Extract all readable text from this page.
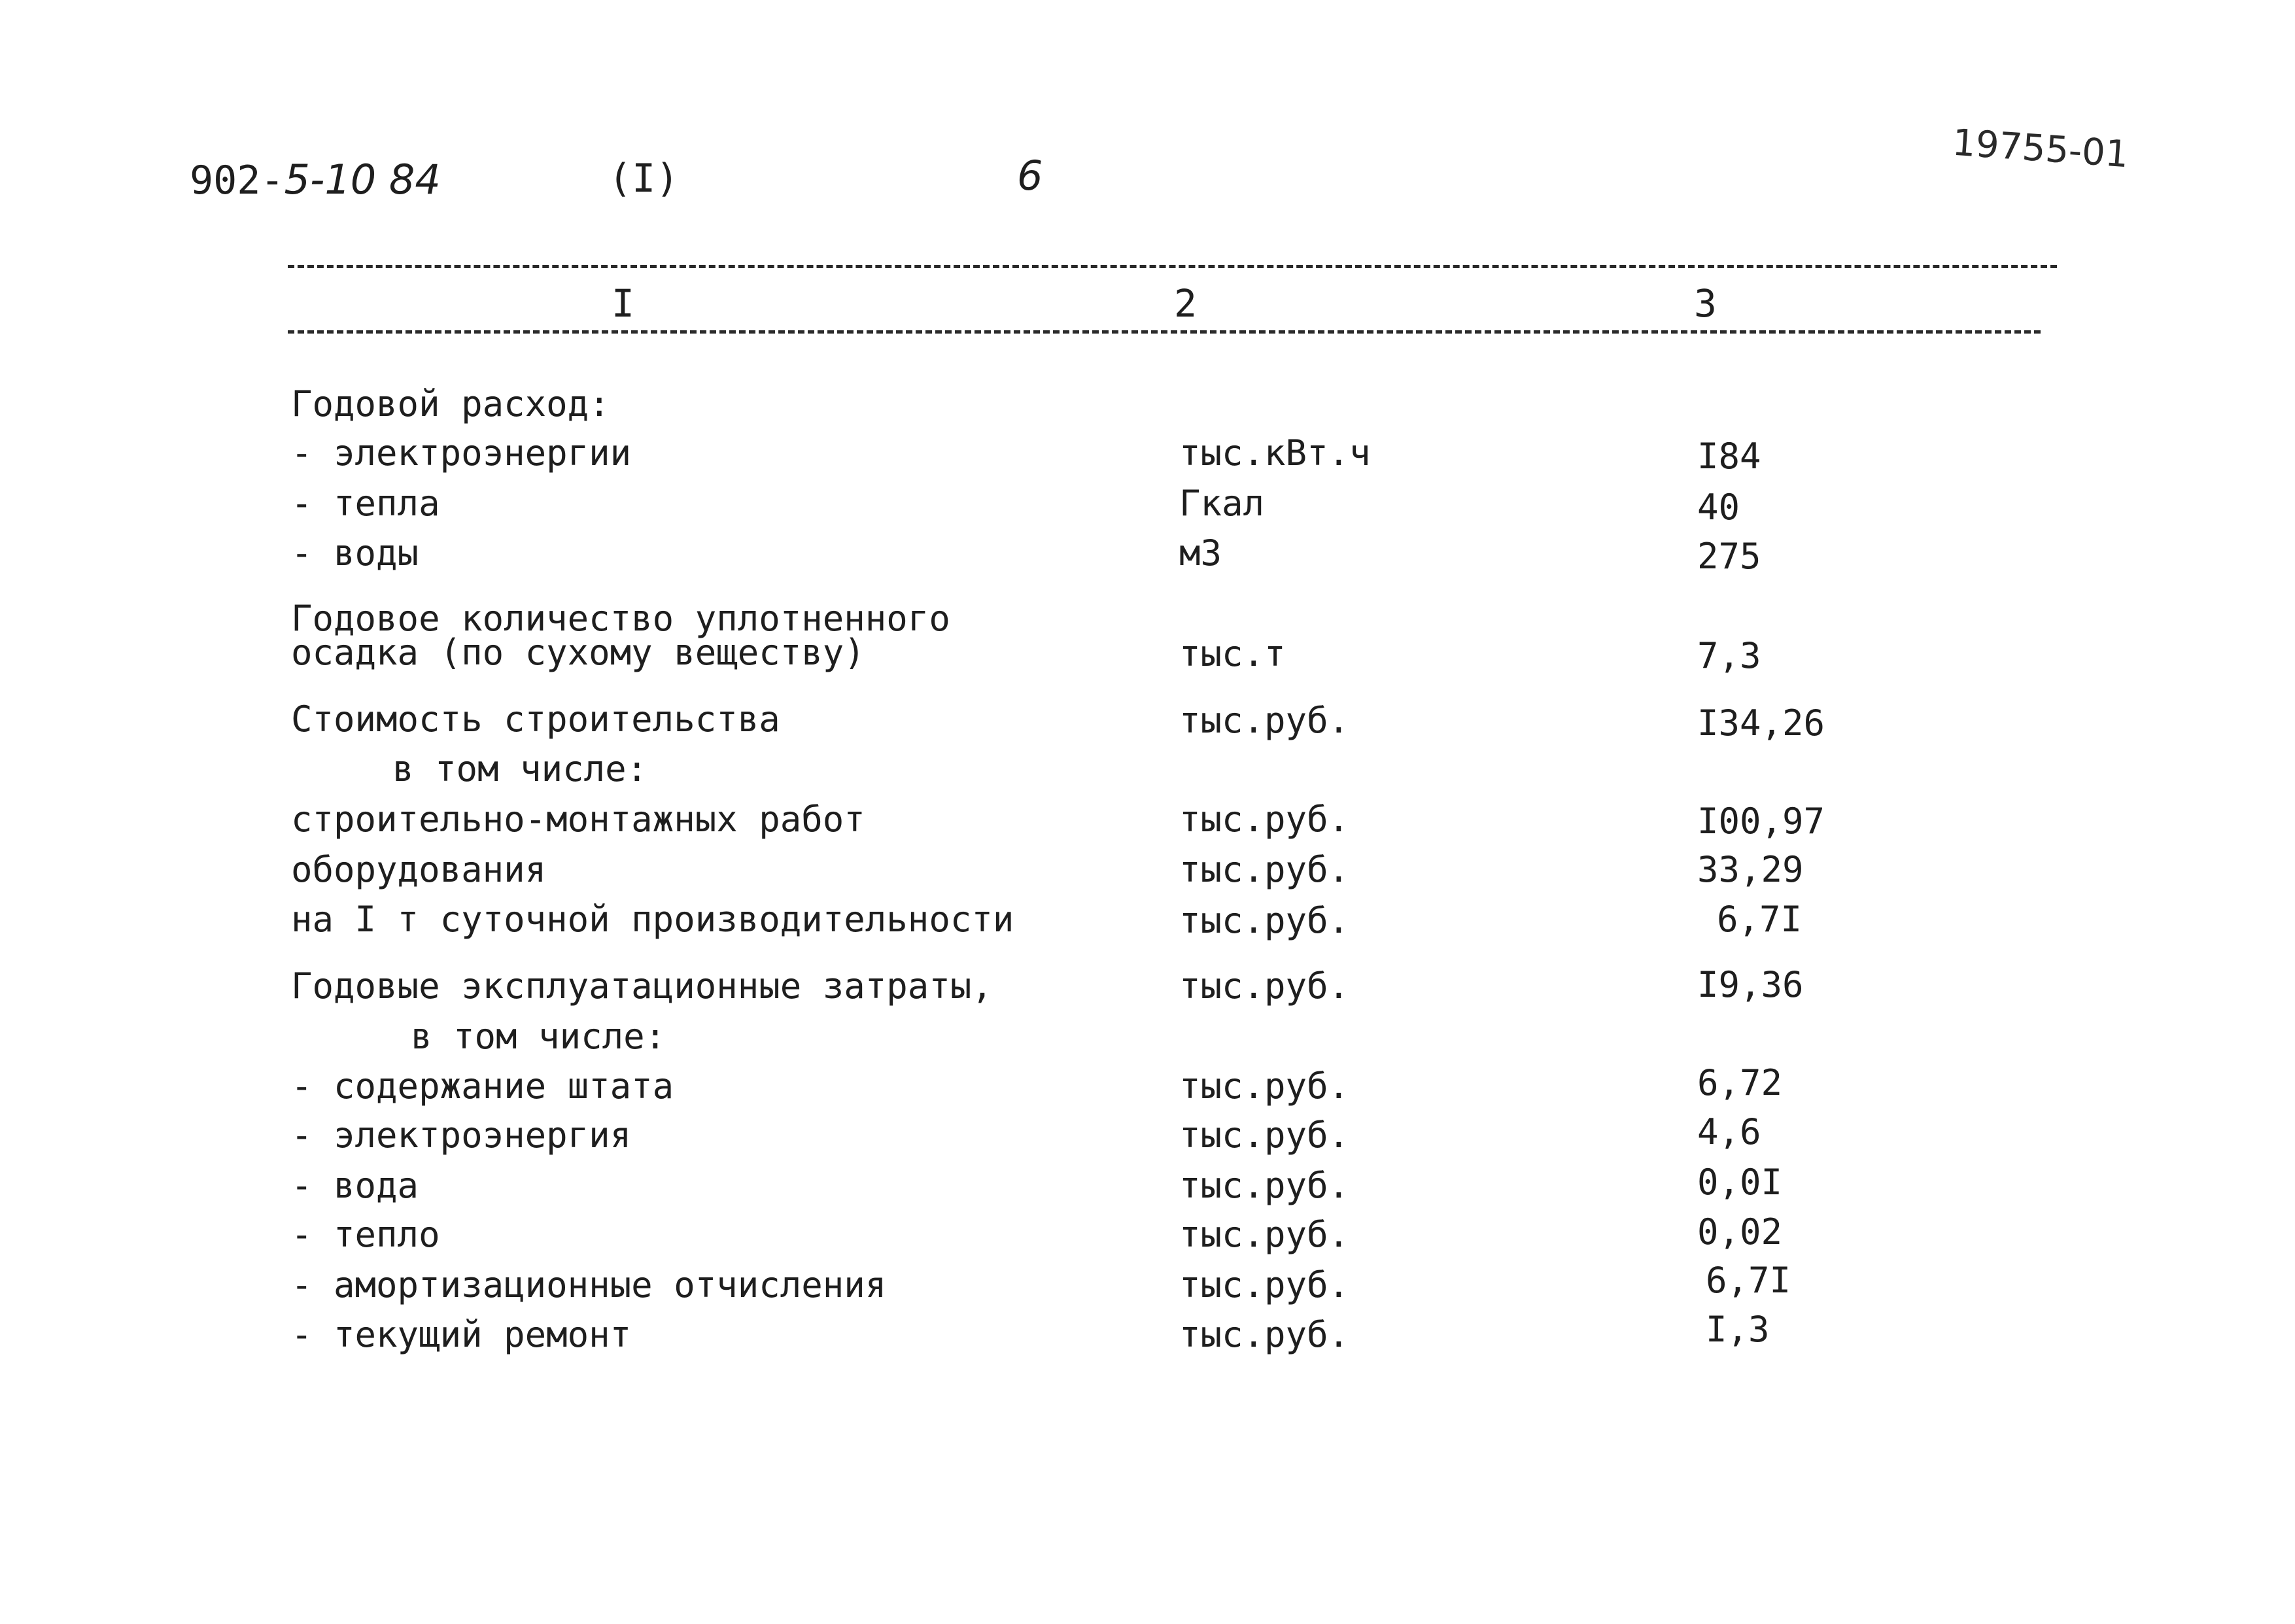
902-5-10 84	(I)	6	19755-01
I	2	3
Годовой расход:
- электроэнергии	тыс.кВт.ч	I84
- тепла	Гкал	40
- воды	м3	275
Годовое количество уплотненного
осадка (по сухому веществу)	тыс.т	7,3
Стоимость строительства	тыс.руб.	I34,26
в том числе:
строительно-монтажных работ	тыс.руб.	I00,97
оборудования	тыс.руб.	33,29
на I т суточной производительности	тыс.руб.	6,7I
Годовые эксплуатационные затраты,	тыс.руб.	I9,36
в том числе:
- содержание штата	тыс.руб.	6,72
- электроэнергия	тыс.руб.	4,6
- вода	тыс.руб.	0,0I
- тепло	тыс.руб.	0,02
- амортизационные отчисления	тыс.руб.	6,7I
- текущий ремонт	тыс.руб.	I,3
